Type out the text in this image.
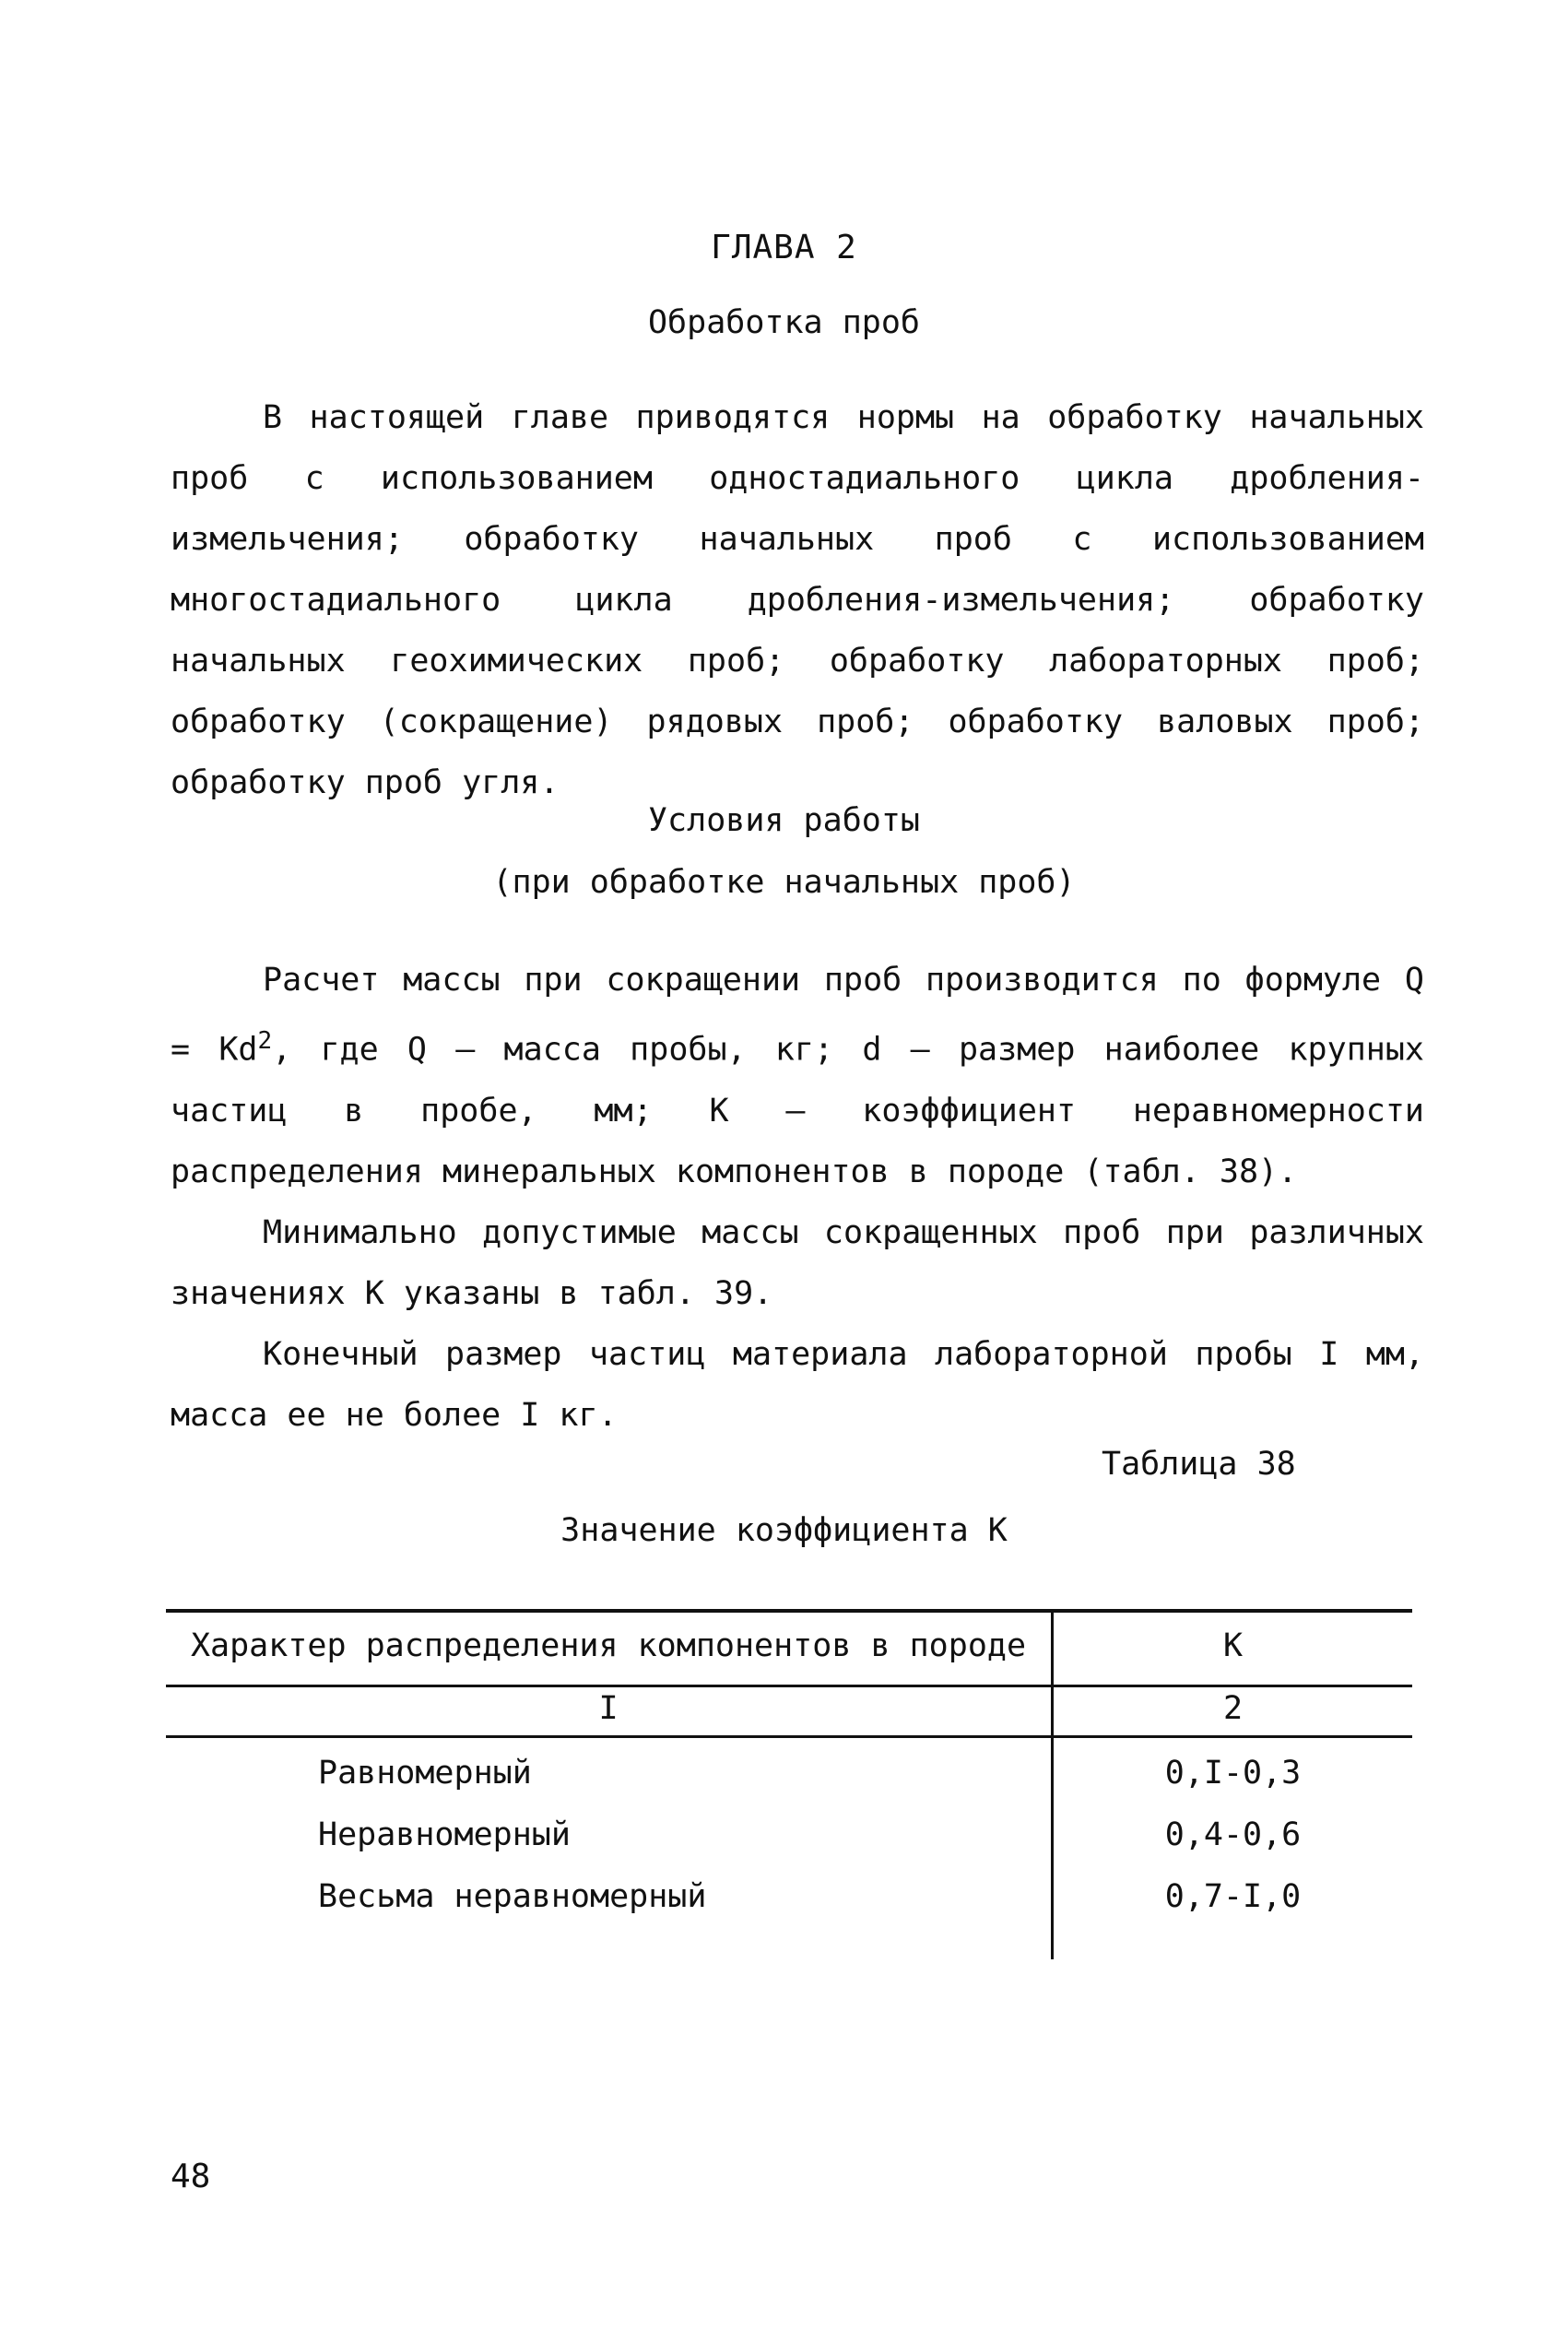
ГЛАВА 2
Обработка проб

В настоящей главе приводятся нормы на обработку начальных проб с использованием одностадиального цикла дробления-измельчения; обработку начальных проб с использованием многостадиального цикла дробления-измельчения; обработку начальных геохимических проб; обработку лабораторных проб; обработку (сокращение) рядовых проб; обработку валовых проб; обработку проб угля.

Условия работы
(при обработке начальных проб)

Расчет массы при сокращении проб производится по формуле $Q = Kd^2$, где Q – масса пробы, кг; d – размер наиболее крупных частиц в пробе, мм; К – коэффициент неравномерности распределения минеральных компонентов в породе (табл. 38).

Минимально допустимые массы сокращенных проб при различных значениях К указаны в табл. 39.

Конечный размер частиц материала лабораторной пробы I мм, масса ее не более I кг.

Таблица 38
Значение коэффициента К
Характер распределения компонентов в породе	К
I	2
Равномерный	0,I-0,3
Неравномерный	0,4-0,6
Весьма неравномерный	0,7-I,0
48
